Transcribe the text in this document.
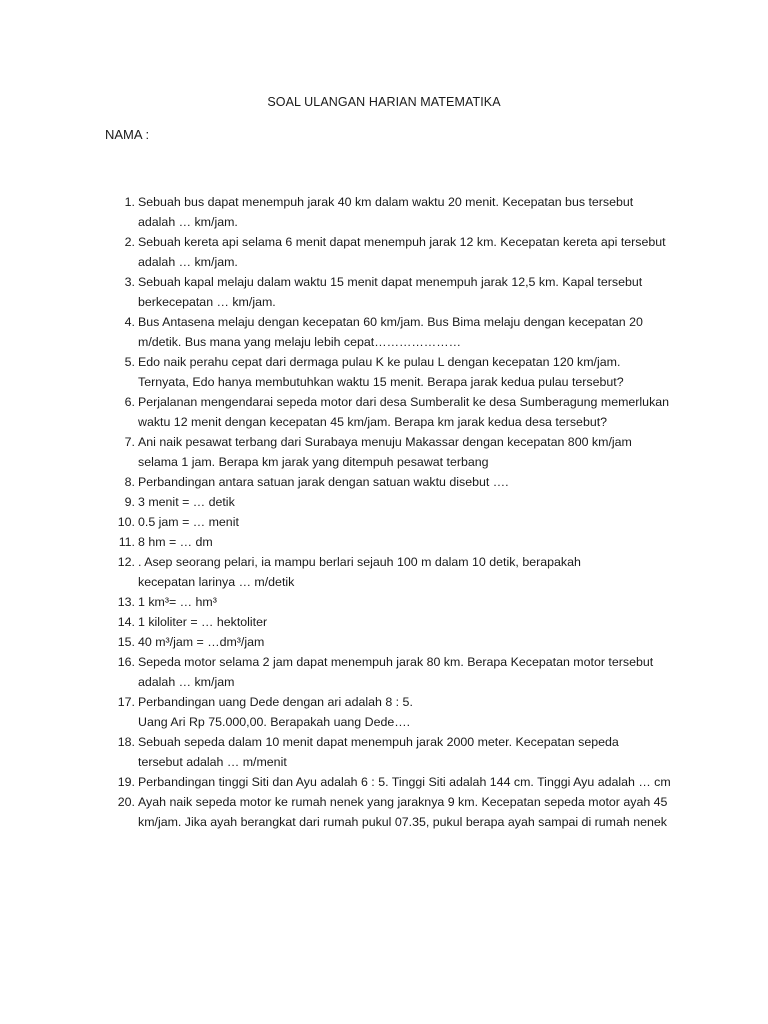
SOAL ULANGAN HARIAN MATEMATIKA
NAMA :
1. Sebuah bus dapat menempuh jarak 40 km dalam waktu 20 menit. Kecepatan bus tersebut
adalah … km/jam.
2. Sebuah kereta api selama 6 menit dapat menempuh jarak 12 km. Kecepatan kereta api tersebut
adalah … km/jam.
3. Sebuah kapal melaju dalam waktu 15 menit dapat menempuh jarak 12,5 km. Kapal tersebut
berkecepatan … km/jam.
4. Bus Antasena melaju dengan kecepatan 60 km/jam. Bus Bima melaju dengan kecepatan 20
m/detik. Bus mana yang melaju lebih cepat…………………
5. Edo naik perahu cepat dari dermaga pulau K ke pulau L dengan kecepatan 120 km/jam.
Ternyata, Edo hanya membutuhkan waktu 15 menit. Berapa jarak kedua pulau tersebut?
6. Perjalanan mengendarai sepeda motor dari desa Sumberalit ke desa Sumberagung memerlukan
waktu 12 menit dengan kecepatan 45 km/jam. Berapa km jarak kedua desa tersebut?
7. Ani naik pesawat terbang dari Surabaya menuju Makassar dengan kecepatan 800 km/jam
selama 1 jam. Berapa km jarak yang ditempuh pesawat terbang
8. Perbandingan antara satuan jarak dengan satuan waktu disebut ….
9. 3 menit = … detik
10. 0.5 jam = … menit
11. 8 hm = … dm
12. . Asep seorang pelari, ia mampu berlari sejauh 100 m dalam 10 detik, berapakah
kecepatan larinya … m/detik
13. 1 km³= … hm³
14. 1 kiloliter = … hektoliter
15. 40 m³/jam = …dm³/jam
16. Sepeda motor selama 2 jam dapat menempuh jarak 80 km. Berapa Kecepatan motor tersebut
adalah … km/jam
17. Perbandingan uang Dede dengan ari adalah 8 : 5.
Uang Ari Rp 75.000,00. Berapakah uang Dede….
18. Sebuah sepeda dalam 10 menit dapat menempuh jarak 2000 meter. Kecepatan sepeda
tersebut adalah … m/menit
19. Perbandingan tinggi Siti dan Ayu adalah 6 : 5. Tinggi Siti adalah 144 cm. Tinggi Ayu adalah … cm
20. Ayah naik sepeda motor ke rumah nenek yang jaraknya 9 km. Kecepatan sepeda motor ayah 45
km/jam. Jika ayah berangkat dari rumah pukul 07.35, pukul berapa ayah sampai di rumah nenek
